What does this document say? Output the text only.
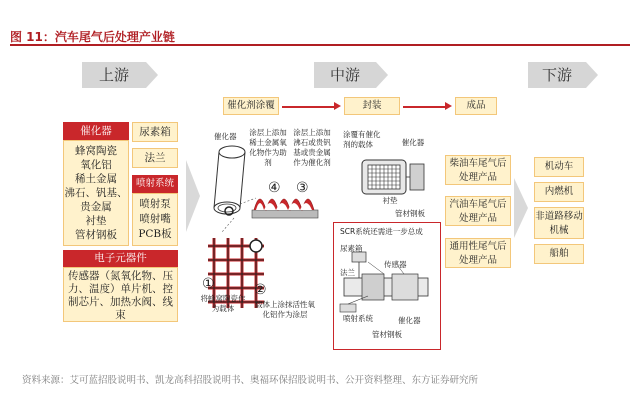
图 11：汽车尾气后处理产业链
上游	中游	下游
催化器
蜂窝陶瓷
氧化铝
稀土金属
沸石、钒基、
贵金属
衬垫
管材钢板
尿素箱
法兰
喷射系统
喷射泵
喷射嘴
PCB板
电子元器件
传感器（氮氧化物、压力、温度）单片机、控制芯片、加热水阀、线束
催化剂涂覆	封装	成品
催化器	涂层上添加稀土金属氧化物作为助剂
涂层上添加沸石或贵钒基或贵金属作为催化剂
④ ③
①	②
将蜂窝陶瓷作为载体	载体上涂抹活性氧化铝作为涂层
涂覆有催化剂的载体	催化器
衬垫
管材钢板
SCR系统还需进一步总成
尿素箱
法兰
传感器
喷射系统	催化器
管材钢板
柴油车尾气后处理产品
汽油车尾气后处理产品
通用性尾气后处理产品
机动车
内燃机
非道路移动机械
船舶
资料来源：艾可蓝招股说明书、凯龙高科招股说明书、奥福环保招股说明书、公开资料整理、东方证券研究所
